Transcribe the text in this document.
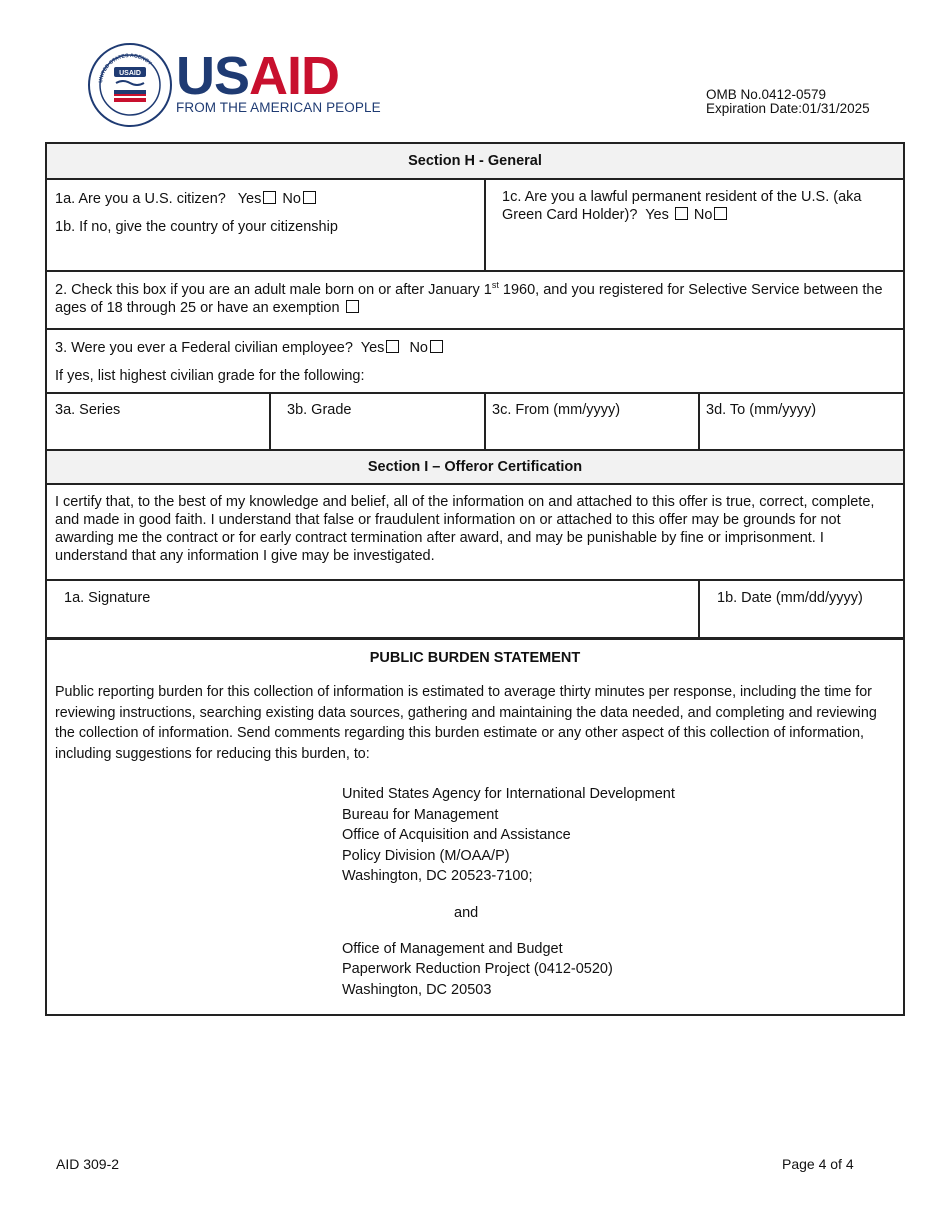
UNITED STATES AGENCY
USAID USAID
FROM THE AMERICAN PEOPLE
OMB No.0412-0579
Expiration Date:01/31/2025
Section H - General

1a. Are you a U.S. citizen? Yes No

1b. If no, give the country of your citizenship

1c. Are you a lawful permanent resident of the U.S. (aka Green Card Holder)? Yes No

2. Check this box if you are an adult male born on or after January 1st 1960, and you registered for Selective Service between the ages of 18 through 25 or have an exemption

3. Were you ever a Federal civilian employee? Yes No

If yes, list highest civilian grade for the following:

3a. Series	3b. Grade	3c. From (mm/yyyy)	3d. To (mm/yyyy)
Section I – Offeror Certification
I certify that, to the best of my knowledge and belief, all of the information on and attached to this offer is true, correct, complete, and made in good faith. I understand that false or fraudulent information on or attached to this offer may be grounds for not awarding me the contract or for early contract termination after award, and may be punishable by fine or imprisonment. I understand that any information I give may be investigated.
1a. Signature	1b. Date (mm/dd/yyyy)
PUBLIC BURDEN STATEMENT
Public reporting burden for this collection of information is estimated to average thirty minutes per response, including the time for reviewing instructions, searching existing data sources, gathering and maintaining the data needed, and completing and reviewing the collection of information. Send comments regarding this burden estimate or any other aspect of this collection of information, including suggestions for reducing this burden, to:
United States Agency for International Development
Bureau for Management
Office of Acquisition and Assistance
Policy Division (M/OAA/P)
Washington, DC 20523-7100;
and
Office of Management and Budget
Paperwork Reduction Project (0412-0520)
Washington, DC 20503
AID 309-2	Page 4 of 4
